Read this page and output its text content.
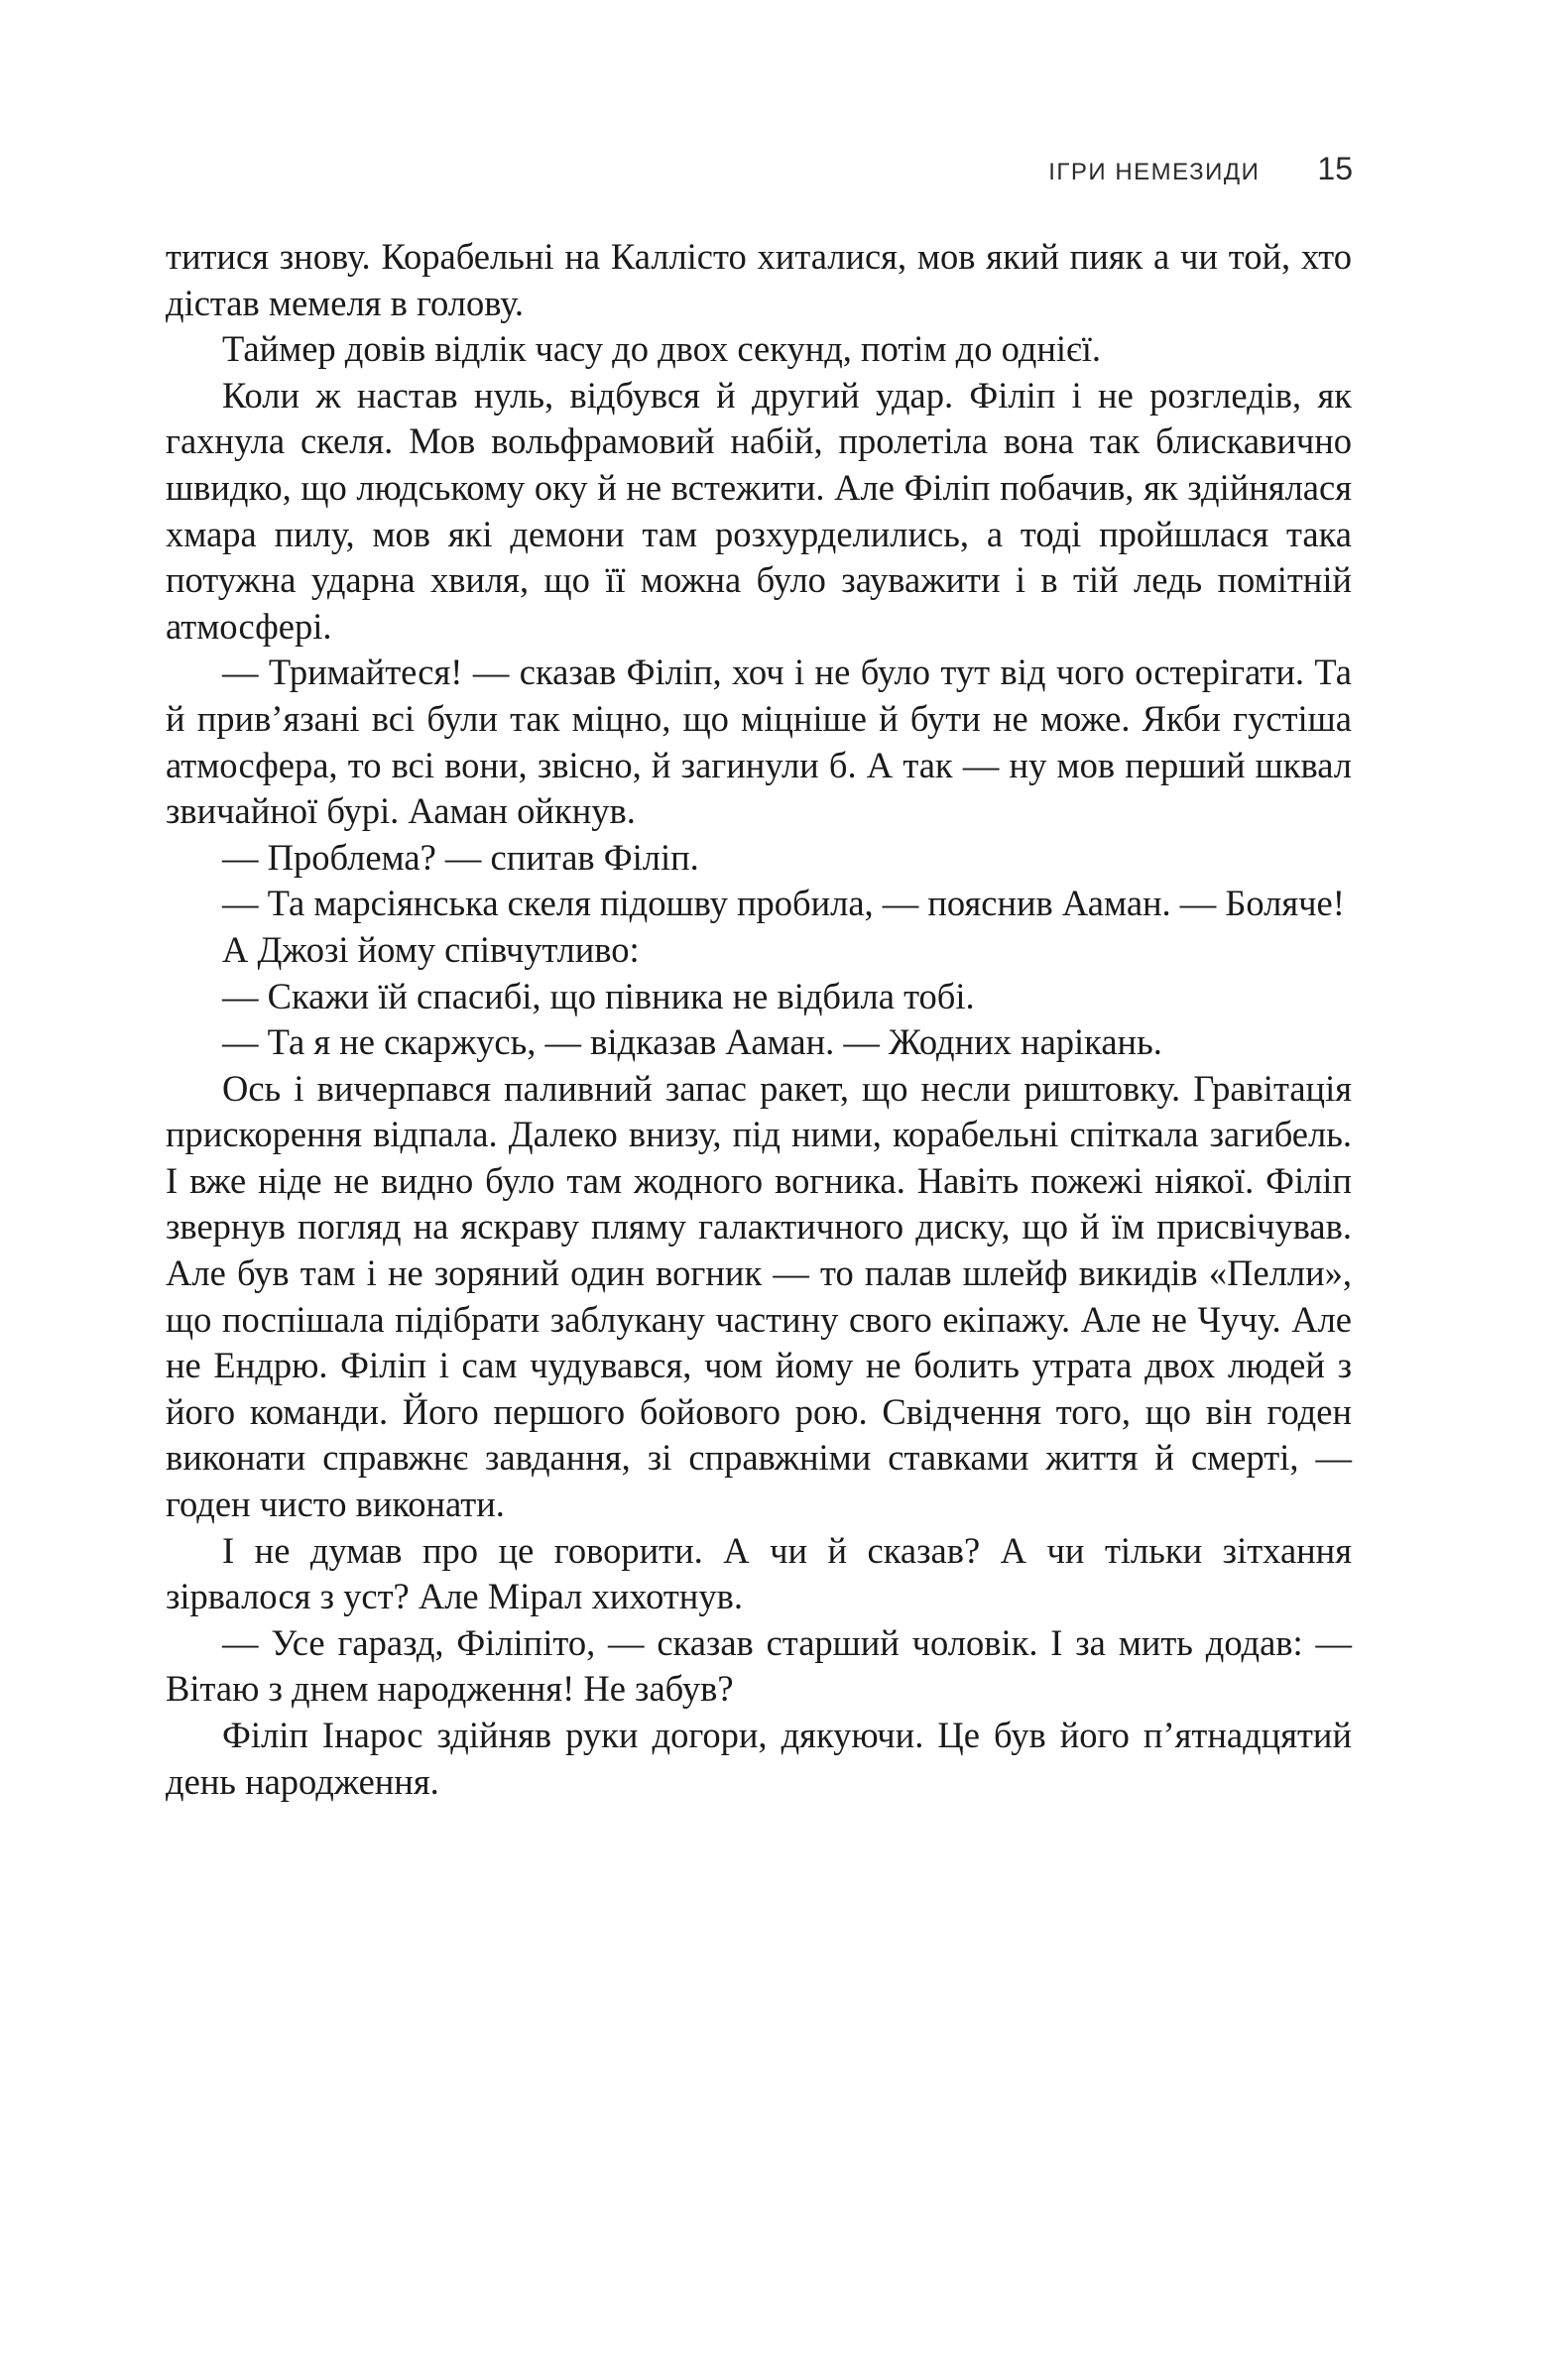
ІГРИ НЕМЕЗИДИ 15

титися знову. Корабельні на Каллісто хиталися, мов який пияк а чи той, хто дістав мемеля в голову.

Таймер довів відлік часу до двох секунд, потім до однієї.

Коли ж настав нуль, відбувся й другий удар. Філіп і не розгледів, як гахнула скеля. Мов вольфрамовий набій, пролетіла вона так блискавично швидко, що людському оку й не встежити. Але Філіп побачив, як здійнялася хмара пилу, мов які демони там розхурделились, а тоді пройшлася така потужна ударна хвиля, що її можна було зауважити і в тій ледь помітній атмосфері.

— Тримайтеся! — сказав Філіп, хоч і не було тут від чого остерігати. Та й прив’язані всі були так міцно, що міцніше й бути не може. Якби густіша атмосфера, то всі вони, звісно, й загинули б. А так — ну мов перший шквал звичайної бурі. Ааман ойкнув.

— Проблема? — спитав Філіп.

— Та марсіянська скеля підошву пробила, — пояснив Ааман. — Боляче!

А Джозі йому співчутливо:

— Скажи їй спасибі, що півника не відбила тобі.

— Та я не скаржусь, — відказав Ааман. — Жодних нарікань.

Ось і вичерпався паливний запас ракет, що несли риштовку. Гравітація прискорення відпала. Далеко внизу, під ними, корабельні спіткала загибель. І вже ніде не видно було там жодного вогника. Навіть пожежі ніякої. Філіп звернув погляд на яскраву пляму галактичного диску, що й їм присвічував. Але був там і не зоряний один вогник — то палав шлейф викидів «Пелли», що поспішала підібрати заблукану частину свого екіпажу. Але не Чучу. Але не Ендрю. Філіп і сам чудувався, чом йому не болить утрата двох людей з його команди. Його першого бойового рою. Свідчення того, що він годен виконати справжнє завдання, зі справжніми ставками життя й смерті, — годен чисто виконати.

І не думав про це говорити. А чи й сказав? А чи тільки зітхання зірвалося з уст? Але Мірал хихотнув.

— Усе гаразд, Філіпіто, — сказав старший чоловік. І за мить додав: — Вітаю з днем народження! Не забув?

Філіп Інарос здійняв руки догори, дякуючи. Це був його п’ятнадцятий день народження.
